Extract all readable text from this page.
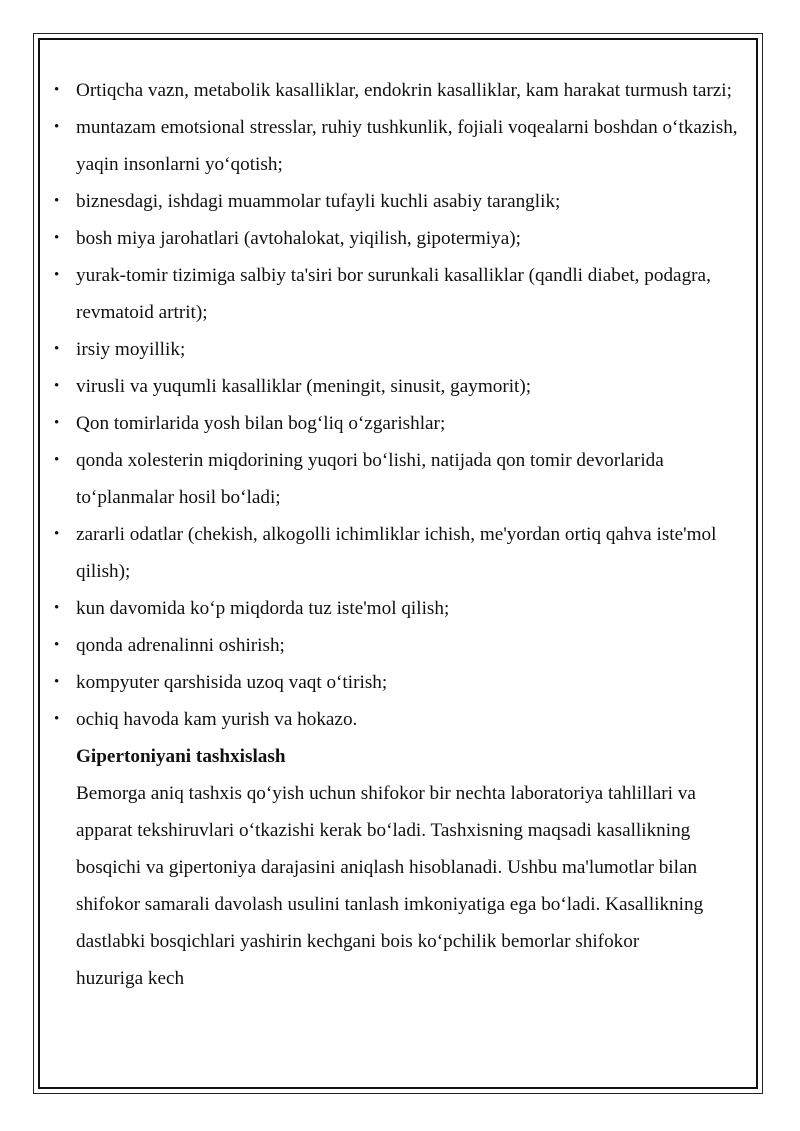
• Ortiqcha vazn, metabolik kasalliklar, endokrin kasalliklar, kam harakat turmush tarzi;
• muntazam emotsional stresslar, ruhiy tushkunlik, fojiali voqealarni boshdan o‘tkazish, yaqin insonlarni yo‘qotish;
• biznesdagi, ishdagi muammolar tufayli kuchli asabiy taranglik;
• bosh miya jarohatlari (avtohalokat, yiqilish, gipotermiya);
• yurak-tomir tizimiga salbiy ta'siri bor surunkali kasalliklar (qandli diabet, podagra, revmatoid artrit);
• irsiy moyillik;
• virusli va yuqumli kasalliklar (meningit, sinusit, gaymorit);
• Qon tomirlarida yosh bilan bog‘liq o‘zgarishlar;
• qonda xolesterin miqdorining yuqori bo‘lishi, natijada qon tomir devorlarida to‘planmalar hosil bo‘ladi;
• zararli odatlar (chekish, alkogolli ichimliklar ichish, me'yordan ortiq qahva iste'mol qilish);
• kun davomida ko‘p miqdorda tuz iste'mol qilish;
• qonda adrenalinni oshirish;
• kompyuter qarshisida uzoq vaqt o‘tirish;
• ochiq havoda kam yurish va hokazo.
Gipertoniyani tashxislash
Bemorga aniq tashxis qo‘yish uchun shifokor bir nechta laboratoriya tahlillari va apparat tekshiruvlari o‘tkazishi kerak bo‘ladi. Tashxisning maqsadi kasallikning bosqichi va gipertoniya darajasini aniqlash hisoblanadi. Ushbu ma'lumotlar bilan shifokor samarali davolash usulini tanlash imkoniyatiga ega bo‘ladi. Kasallikning dastlabki bosqichlari yashirin kechgani bois ko‘pchilik bemorlar shifokor huzuriga kech
